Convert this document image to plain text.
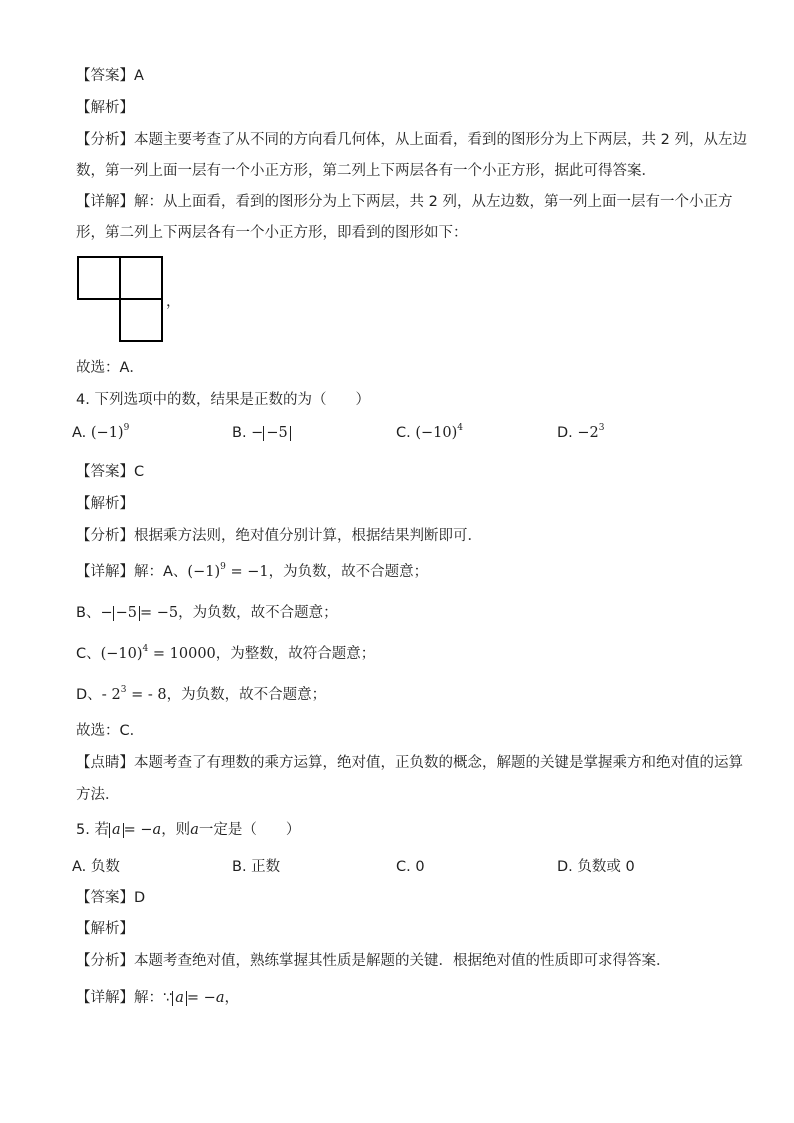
【答案】A
【解析】
【分析】本题主要考查了从不同的方向看几何体，从上面看，看到的图形分为上下两层，共 2 列，从左边
数，第一列上面一层有一个小正方形，第二列上下两层各有一个小正方形，据此可得答案．
【详解】解：从上面看，看到的图形分为上下两层，共 2 列，从左边数，第一列上面一层有一个小正方
形，第二列上下两层各有一个小正方形，即看到的图形如下：
，
故选：A．
4. 下列选项中的数，结果是正数的为（　　）
A. $(-1)^9$	B. − −5	C. $(-10)^4$	D. $-2^3$
【答案】C
【解析】
【分析】根据乘方法则，绝对值分别计算，根据结果判断即可．
【详解】解：A、$(-1)^9 = -1$，为负数，故不合题意；
B、− −5 = −5，为负数，故不合题意；
C、$(-10)^4 = 10000$，为整数，故符合题意；
D、- $2^3$ = - 8，为负数，故不合题意；
故选：C．
【点睛】本题考查了有理数的乘方运算，绝对值，正负数的概念，解题的关键是掌握乘方和绝对值的运算
方法．
5. 若 a = −a，则a一定是（　　）
A. 负数	B. 正数	C. 0	D. 负数或 0
【答案】D
【解析】
【分析】本题考查绝对值，熟练掌握其性质是解题的关键．根据绝对值的性质即可求得答案．
【详解】解：∵ a = −a，
